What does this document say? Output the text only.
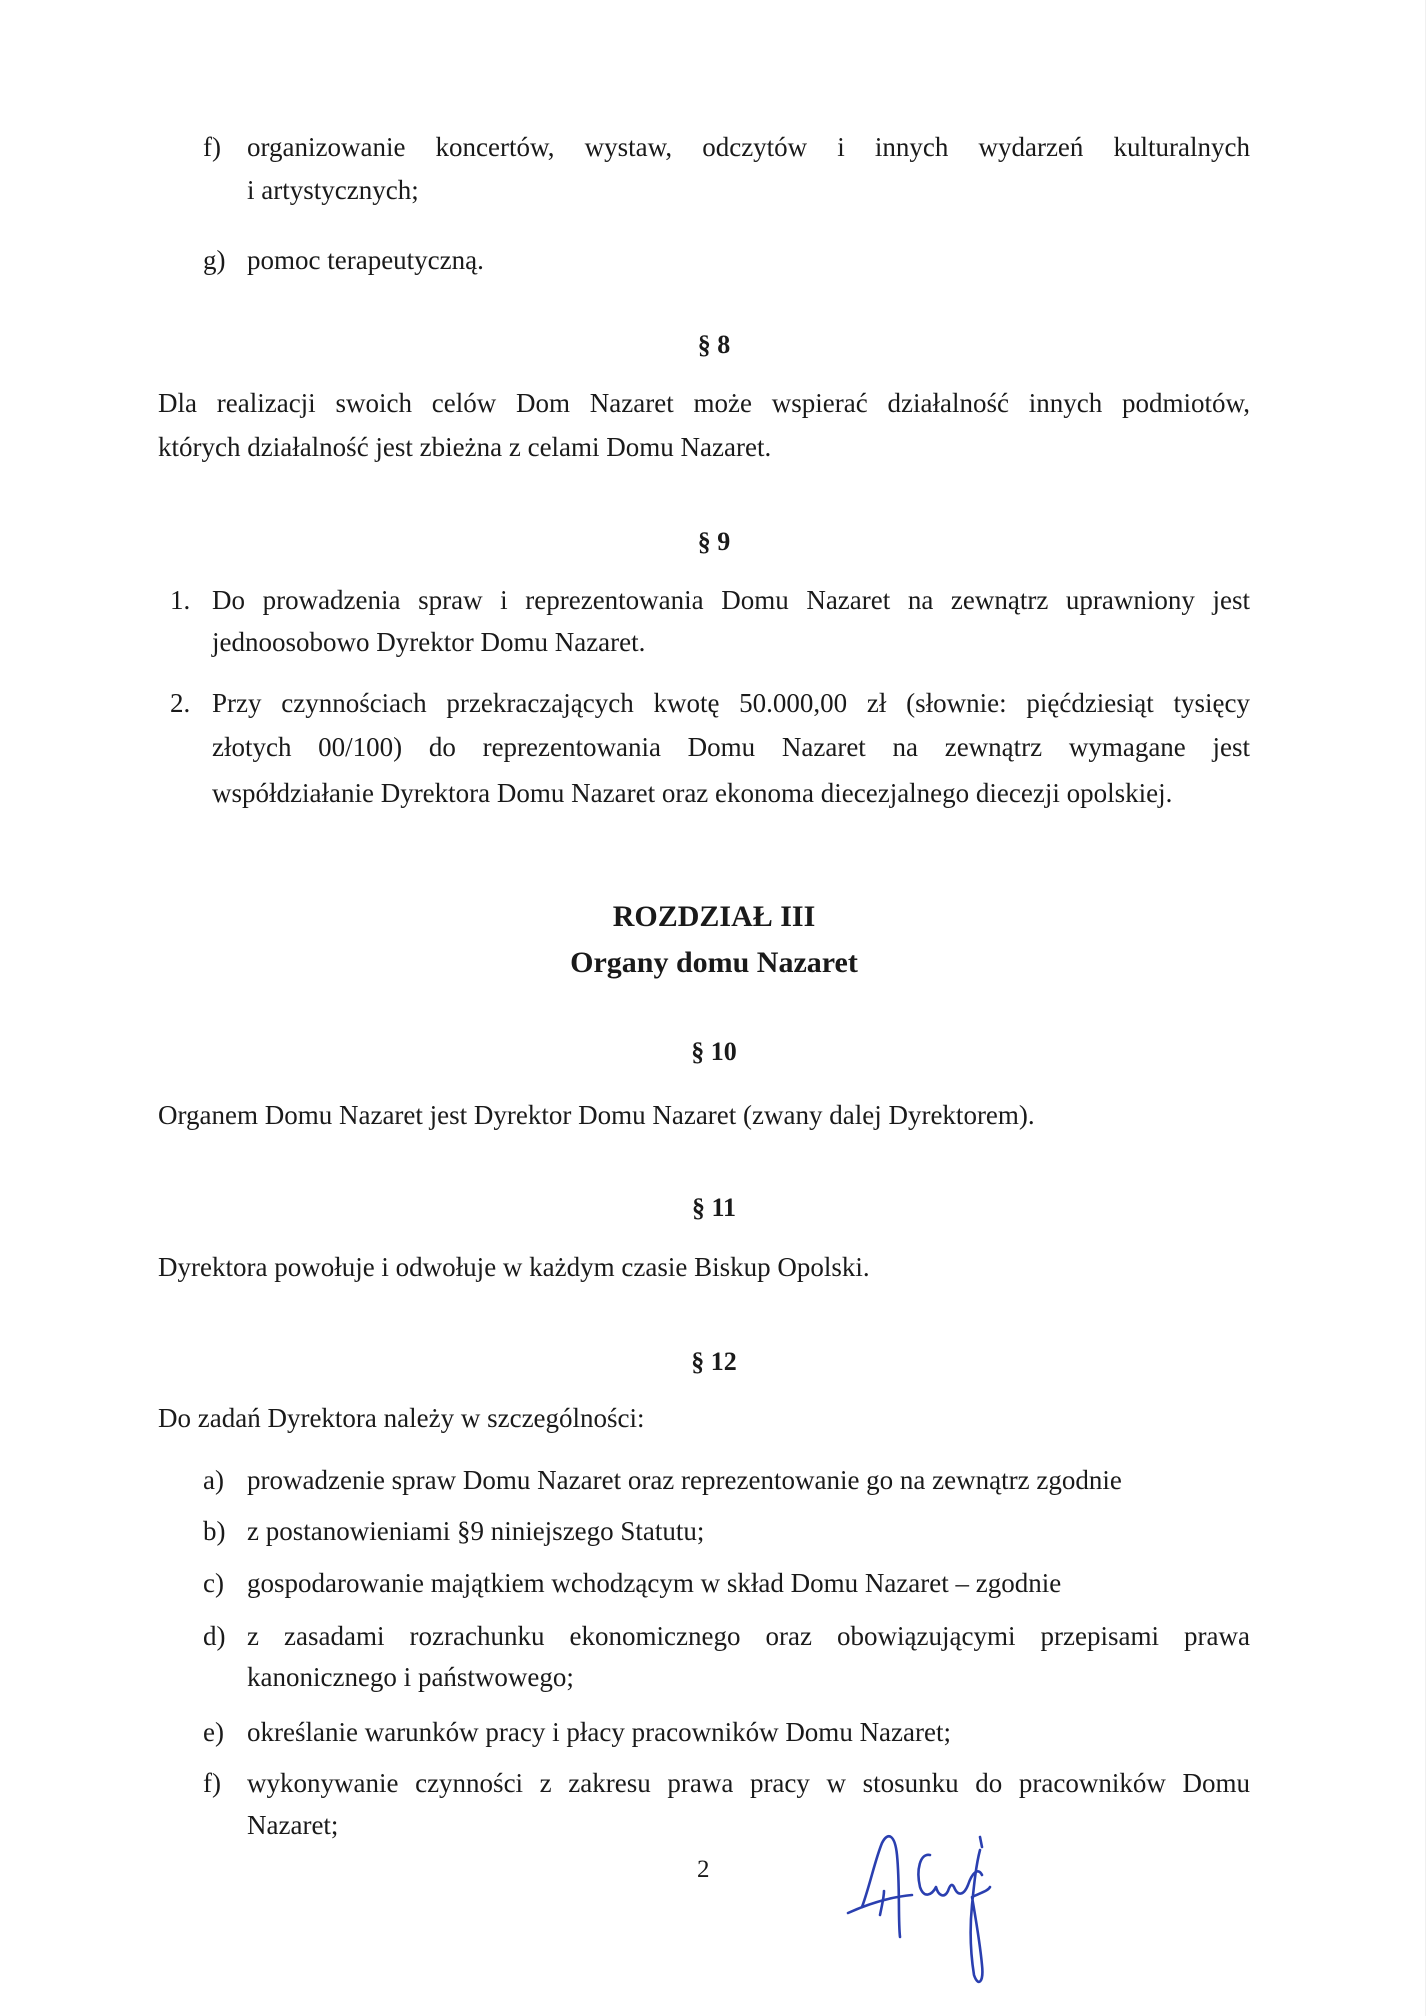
f) organizowanie koncertów, wystaw, odczytów i innych wydarzeń kulturalnych
i artystycznych;
g) pomoc terapeutyczną.
§ 8
Dla realizacji swoich celów Dom Nazaret może wspierać działalność innych podmiotów,
których działalność jest zbieżna z celami Domu Nazaret.
§ 9
1. Do prowadzenia spraw i reprezentowania Domu Nazaret na zewnątrz uprawniony jest
jednoosobowo Dyrektor Domu Nazaret.
2. Przy czynnościach przekraczających kwotę 50.000,00 zł (słownie: pięćdziesiąt tysięcy
złotych 00/100) do reprezentowania Domu Nazaret na zewnątrz wymagane jest
współdziałanie Dyrektora Domu Nazaret oraz ekonoma diecezjalnego diecezji opolskiej.
ROZDZIAŁ III
Organy domu Nazaret
§ 10
Organem Domu Nazaret jest Dyrektor Domu Nazaret (zwany dalej Dyrektorem).
§ 11
Dyrektora powołuje i odwołuje w każdym czasie Biskup Opolski.
§ 12
Do zadań Dyrektora należy w szczególności:
a) prowadzenie spraw Domu Nazaret oraz reprezentowanie go na zewnątrz zgodnie
b) z postanowieniami §9 niniejszego Statutu;
c) gospodarowanie majątkiem wchodzącym w skład Domu Nazaret – zgodnie
d) z zasadami rozrachunku ekonomicznego oraz obowiązującymi przepisami prawa
kanonicznego i państwowego;
e) określanie warunków pracy i płacy pracowników Domu Nazaret;
f) wykonywanie czynności z zakresu prawa pracy w stosunku do pracowników Domu
Nazaret;
2
